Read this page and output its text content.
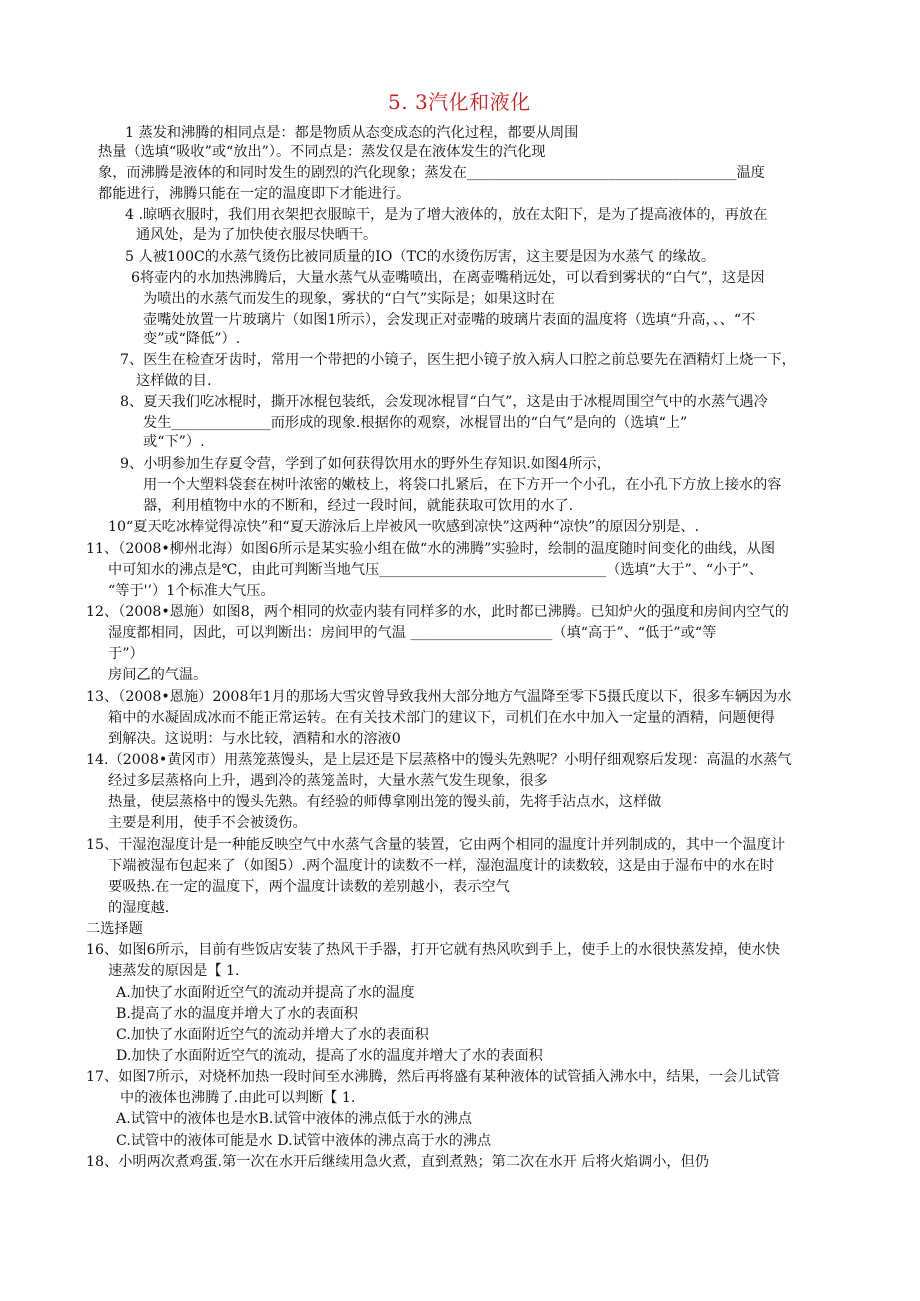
5. 3汽化和液化
1 蒸发和沸腾的相同点是：都是物质从态变成态的汽化过程，都要从周围
热量（选填“吸收”或“放出”）。不同点是：蒸发仅是在液体发生的汽化现
象，而沸腾是液体的和同时发生的剧烈的汽化现象；蒸发在______________________________________温度
都能进行，沸腾只能在一定的温度即下才能进行。
4 .晾晒衣服时，我们用衣架把衣服晾干，是为了增大液体的，放在太阳下，是为了提高液体的，再放在
通风处，是为了加快使衣服尽快晒干。
5 人被100C的水蒸气烫伤比被同质量的IO（TC的水烫伤厉害，这主要是因为水蒸气 的缘故。
6将壶内的水加热沸腾后，大量水蒸气从壶嘴喷出，在离壶嘴稍远处，可以看到雾状的“白气”，这是因
为喷出的水蒸气而发生的现象，雾状的“白气”实际是；如果这时在
壶嘴处放置一片玻璃片（如图1所示），会发现正对壶嘴的玻璃片表面的温度将（选填“升高，、、“不
变”或“降低”）.
7、医生在检查牙齿时，常用一个带把的小镜子，医生把小镜子放入病人口腔之前总要先在酒精灯上烧一下，
这样做的目.
8、夏天我们吃冰棍时，撕开冰棍包装纸，会发现冰棍冒“白气”，这是由于冰棍周围空气中的水蒸气遇冷
发生______________而形成的现象.根据你的观察，冰棍冒出的“白气”是向的（选填“上”
或“下”）.
9、小明参加生存夏令营，学到了如何获得饮用水的野外生存知识.如图4所示，
用一个大塑料袋套在树叶浓密的嫩枝上，将袋口扎紧后，在下方开一个小孔，在小孔下方放上接水的容
器，利用植物中水的不断和，经过一段时间，就能获取可饮用的水了.
10“夏天吃冰棒觉得凉快”和“夏天游泳后上岸被风一吹感到凉快”这两种“凉快”的原因分别是、.
11、（2008•柳州北海）如图6所示是某实验小组在做“水的沸腾”实验时，绘制的温度随时间变化的曲线，从图
中可知水的沸点是℃，由此可判断当地气压________________________________（选填“大于”、“小于”、
“等于'’）1个标准大气压。
12、（2008•恩施）如图8，两个相同的炊壶内装有同样多的水，此时都已沸腾。已知炉火的强度和房间内空气的
湿度都相同，因此，可以判断出：房间甲的气温 ____________________（填“高于”、“低于”或“等
于”）
房间乙的气温。
13、（2008•恩施）2008年1月的那场大雪灾曾导致我州大部分地方气温降至零下5摄氏度以下，很多车辆因为水
箱中的水凝固成冰而不能正常运转。在有关技术部门的建议下，司机们在水中加入一定量的酒精，问题便得
到解决。这说明：与水比较，酒精和水的溶液0
14.（2008•黄冈市）用蒸笼蒸馒头，是上层还是下层蒸格中的馒头先熟呢？小明仔细观察后发现：高温的水蒸气
经过多层蒸格向上升，遇到冷的蒸笼盖时，大量水蒸气发生现象，很多
热量，使层蒸格中的馒头先熟。有经验的师傅拿刚出笼的馒头前，先将手沾点水，这样做
主要是利用，使手不会被烫伤。
15、干湿泡湿度计是一种能反映空气中水蒸气含量的装置，它由两个相同的温度计并列制成的，其中一个温度计
下端被湿布包起来了（如图5）.两个温度计的读数不一样，湿泡温度计的读数较，这是由于湿布中的水在时
要吸热.在一定的温度下，两个温度计读数的差别越小，表示空气
的湿度越.
二选择题
16、如图6所示，目前有些饭店安装了热风干手器，打开它就有热风吹到手上，使手上的水很快蒸发掉，使水快
速蒸发的原因是【 1.
A.加快了水面附近空气的流动并提高了水的温度
B.提高了水的温度并增大了水的表面积
C.加快了水面附近空气的流动并增大了水的表面积
D.加快了水面附近空气的流动，提高了水的温度并增大了水的表面积
17、如图7所示，对烧杯加热一段时间至水沸腾，然后再将盛有某种液体的试管插入沸水中，结果，一会儿试管
中的液体也沸腾了.由此可以判断【 1.
A.试管中的液体也是水B.试管中液体的沸点低于水的沸点
C.试管中的液体可能是水 D.试管中液体的沸点高于水的沸点
18、小明两次煮鸡蛋.第一次在水开后继续用急火煮，直到煮熟；第二次在水开 后将火焰调小，但仍
